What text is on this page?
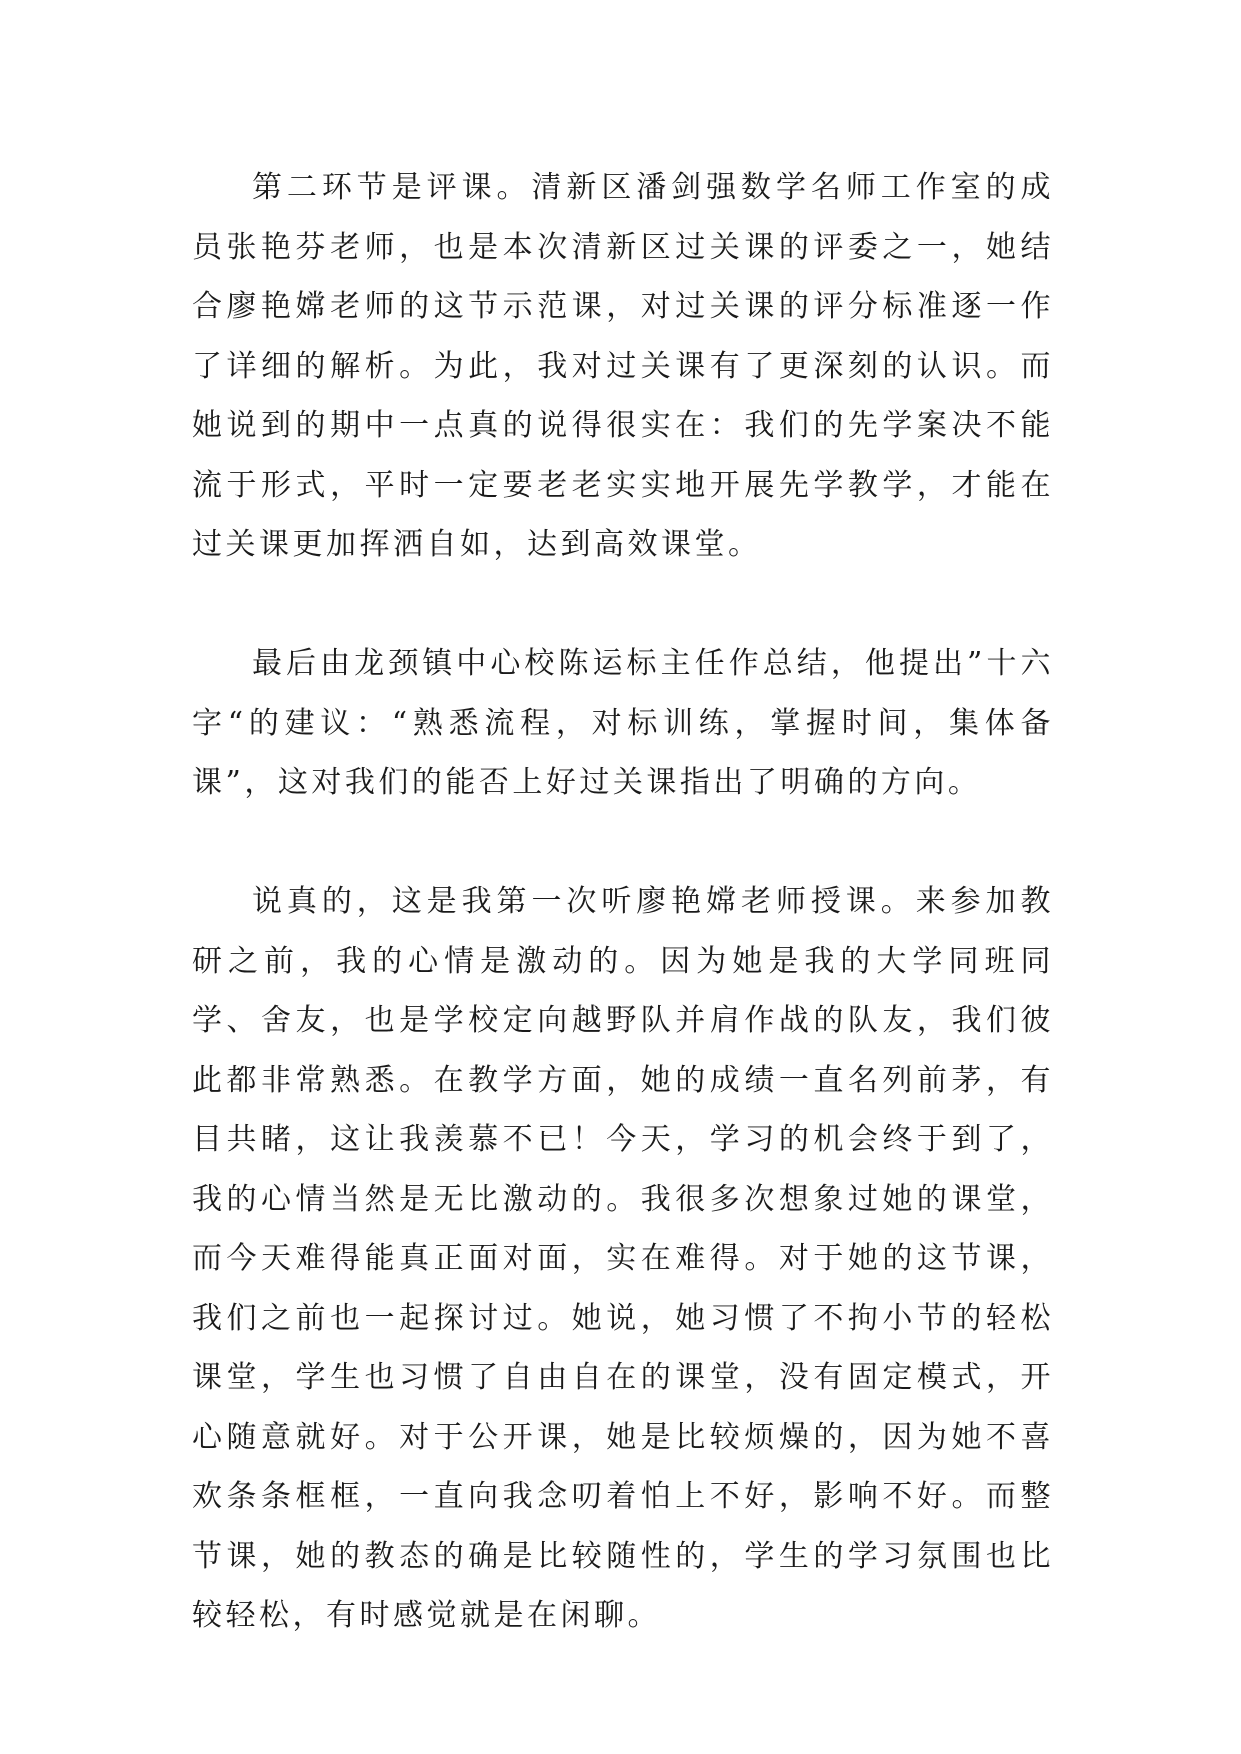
第二环节是评课。清新区潘剑强数学名师工作室的成员张艳芬老师，也是本次清新区过关课的评委之一，她结合廖艳嫦老师的这节示范课，对过关课的评分标准逐一作了详细的解析。为此，我对过关课有了更深刻的认识。而她说到的期中一点真的说得很实在：我们的先学案决不能流于形式，平时一定要老老实实地开展先学教学，才能在过关课更加挥洒自如，达到高效课堂。

最后由龙颈镇中心校陈运标主任作总结，他提出”十六字“的建议：“熟悉流程，对标训练，掌握时间，集体备课”，这对我们的能否上好过关课指出了明确的方向。

说真的，这是我第一次听廖艳嫦老师授课。来参加教研之前，我的心情是激动的。因为她是我的大学同班同学、舍友，也是学校定向越野队并肩作战的队友，我们彼此都非常熟悉。在教学方面，她的成绩一直名列前茅，有目共睹，这让我羡慕不已！今天，学习的机会终于到了，我的心情当然是无比激动的。我很多次想象过她的课堂，而今天难得能真正面对面，实在难得。对于她的这节课，我们之前也一起探讨过。她说，她习惯了不拘小节的轻松课堂，学生也习惯了自由自在的课堂，没有固定模式，开心随意就好。对于公开课，她是比较烦燥的，因为她不喜欢条条框框，一直向我念叨着怕上不好，影响不好。而整节课，她的教态的确是比较随性的，学生的学习氛围也比较轻松，有时感觉就是在闲聊。
